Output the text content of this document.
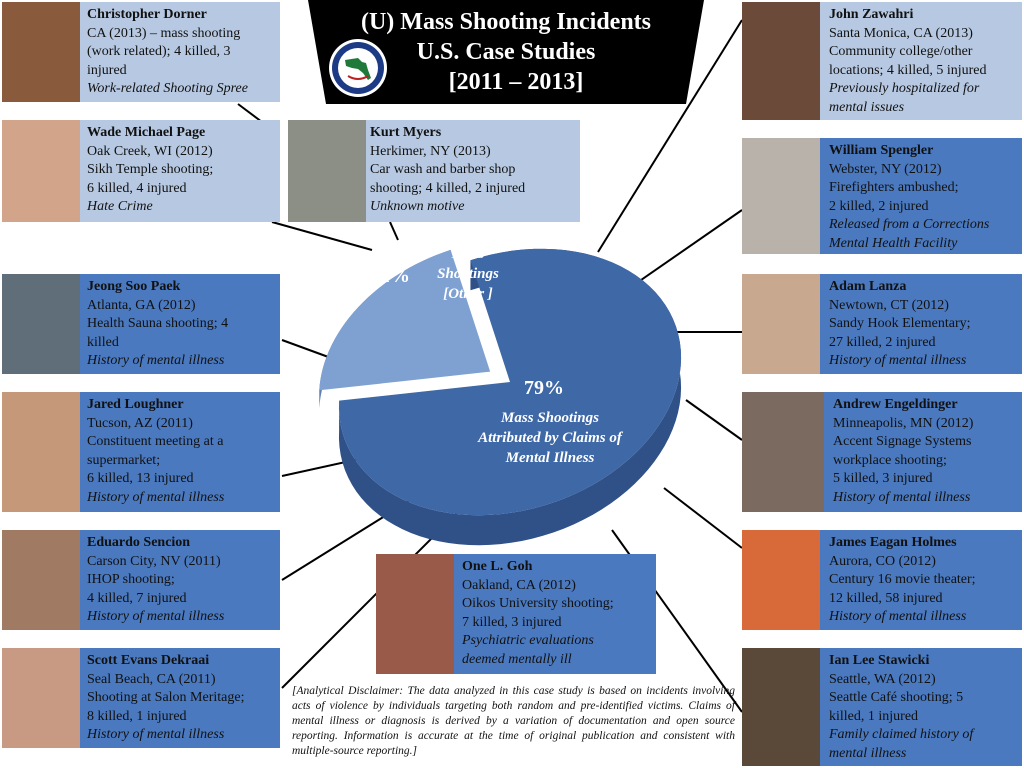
21%
Mass
Shootings
[Other ]
79%
Mass Shootings
Attributed by Claims of
Mental Illness
(U) Mass Shooting Incidents
U.S. Case Studies
[2011 – 2013]
Christopher Dorner
CA (2013) – mass shooting
(work related); 4 killed, 3
injured
Work-related Shooting Spree
Wade Michael Page
Oak Creek, WI (2012)
Sikh Temple shooting;
6 killed, 4 injured
Hate Crime
Kurt Myers
Herkimer, NY (2013)
Car wash and barber shop
shooting; 4 killed, 2 injured
Unknown motive
Jeong Soo Paek
Atlanta, GA (2012)
Health Sauna shooting; 4
killed
History of mental illness
Jared Loughner
Tucson, AZ (2011)
Constituent meeting at a
supermarket;
6 killed, 13 injured
History of mental illness
Eduardo Sencion
Carson City, NV (2011)
IHOP shooting;
4 killed, 7 injured
History of mental illness
Scott Evans Dekraai
Seal Beach, CA (2011)
Shooting at Salon Meritage;
8 killed, 1 injured
History of mental illness
One L. Goh
Oakland, CA (2012)
Oikos University shooting;
7 killed, 3 injured
Psychiatric evaluations
deemed mentally ill
John Zawahri
Santa Monica, CA (2013)
Community college/other
locations; 4 killed, 5 injured
Previously hospitalized for
mental issues
William Spengler
Webster, NY (2012)
Firefighters ambushed;
2 killed, 2 injured
Released from a Corrections
Mental Health Facility
Adam Lanza
Newtown, CT (2012)
Sandy Hook Elementary;
27 killed, 2 injured
History of mental illness
Andrew Engeldinger
Minneapolis, MN (2012)
Accent Signage Systems
workplace shooting;
5 killed, 3 injured
History of mental illness
James Eagan Holmes
Aurora, CO (2012)
Century 16 movie theater;
12 killed, 58 injured
History of mental illness
Ian Lee Stawicki
Seattle, WA (2012)
Seattle Café shooting; 5
killed, 1 injured
Family claimed history of
mental illness
[Analytical Disclaimer: The data analyzed in this case study is based on incidents involving acts of violence by individuals targeting both random and pre-identified victims. Claims of mental illness or diagnosis is derived by a variation of documentation and open source reporting. Information is accurate at the time of original publication and consistent with multiple-source reporting.]
